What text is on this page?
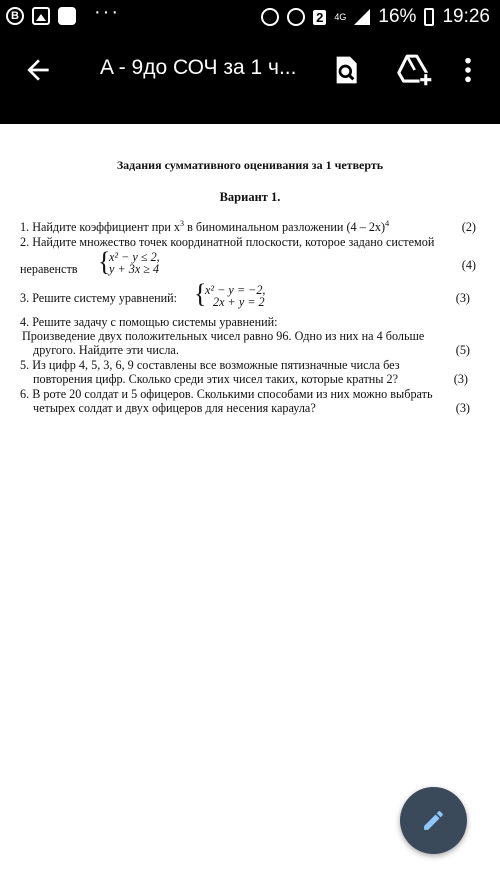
B	···	2	4G 16% 19:26
A - 9до СОЧ за 1 ч...
Задания суммативного оценивания за 1 четверть
Вариант 1.
1. Найдите коэффициент при $x^3$ в биноминальном разложении (4 – 2x)$^4$	(2)
2. Найдите множество точек координатной плоскости, которое задано системой
неравенств {
x² − y ≤ 2,
y + 3x ≥ 4	(4)
3. Решите систему уравнений: {
x² − y = −2,
2x + y = 2	(3)
4. Решите задачу с помощью системы уравнений:
Произведение двух положительных чисел равно 96. Одно из них на 4 больше
другого. Найдите эти числа.	(5)
5. Из цифр 4, 5, 3, 6, 9 составлены все возможные пятизначные числа без
повторения цифр. Сколько среди этих чисел таких, которые кратны 2?	(3)
6. В роте 20 солдат и 5 офицеров. Сколькими способами из них можно выбрать
четырех солдат и двух офицеров для несения караула?	(3)
